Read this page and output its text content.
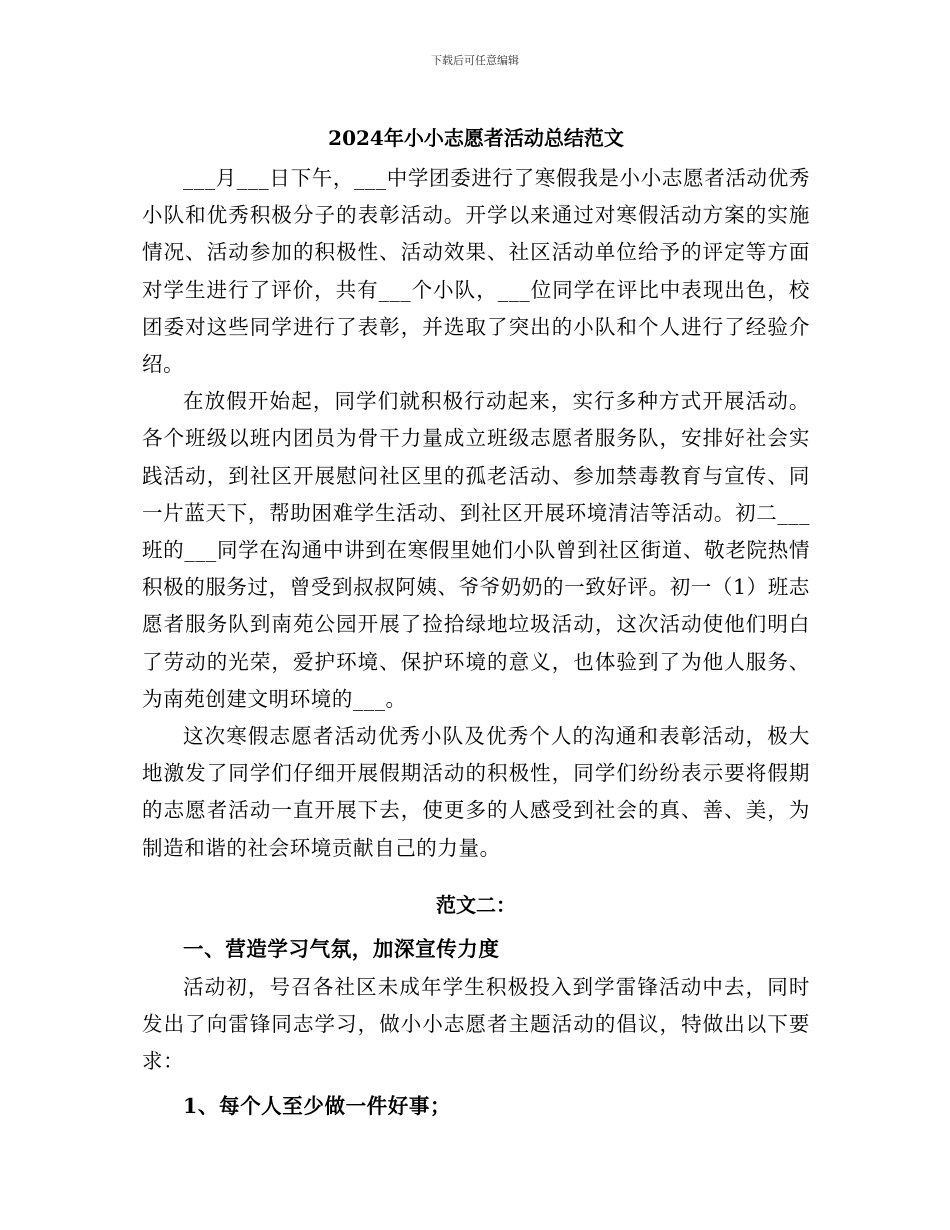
下载后可任意编辑
2024年小小志愿者活动总结范文

___月___日下午，___中学团委进行了寒假我是小小志愿者活动优秀小队和优秀积极分子的表彰活动。开学以来通过对寒假活动方案的实施情况、活动参加的积极性、活动效果、社区活动单位给予的评定等方面对学生进行了评价，共有___个小队，___位同学在评比中表现出色，校团委对这些同学进行了表彰，并选取了突出的小队和个人进行了经验介绍。

在放假开始起，同学们就积极行动起来，实行多种方式开展活动。各个班级以班内团员为骨干力量成立班级志愿者服务队，安排好社会实践活动，到社区开展慰问社区里的孤老活动、参加禁毒教育与宣传、同一片蓝天下，帮助困难学生活动、到社区开展环境清洁等活动。初二___班的___同学在沟通中讲到在寒假里她们小队曾到社区街道、敬老院热情积极的服务过，曾受到叔叔阿姨、爷爷奶奶的一致好评。初一（1）班志愿者服务队到南苑公园开展了捡拾绿地垃圾活动，这次活动使他们明白了劳动的光荣，爱护环境、保护环境的意义，也体验到了为他人服务、为南苑创建文明环境的___。

这次寒假志愿者活动优秀小队及优秀个人的沟通和表彰活动，极大地激发了同学们仔细开展假期活动的积极性，同学们纷纷表示要将假期的志愿者活动一直开展下去，使更多的人感受到社会的真、善、美，为制造和谐的社会环境贡献自己的力量。

范文二：

一、营造学习气氛，加深宣传力度

活动初，号召各社区未成年学生积极投入到学雷锋活动中去，同时发出了向雷锋同志学习，做小小志愿者主题活动的倡议，特做出以下要求：

1、每个人至少做一件好事；
